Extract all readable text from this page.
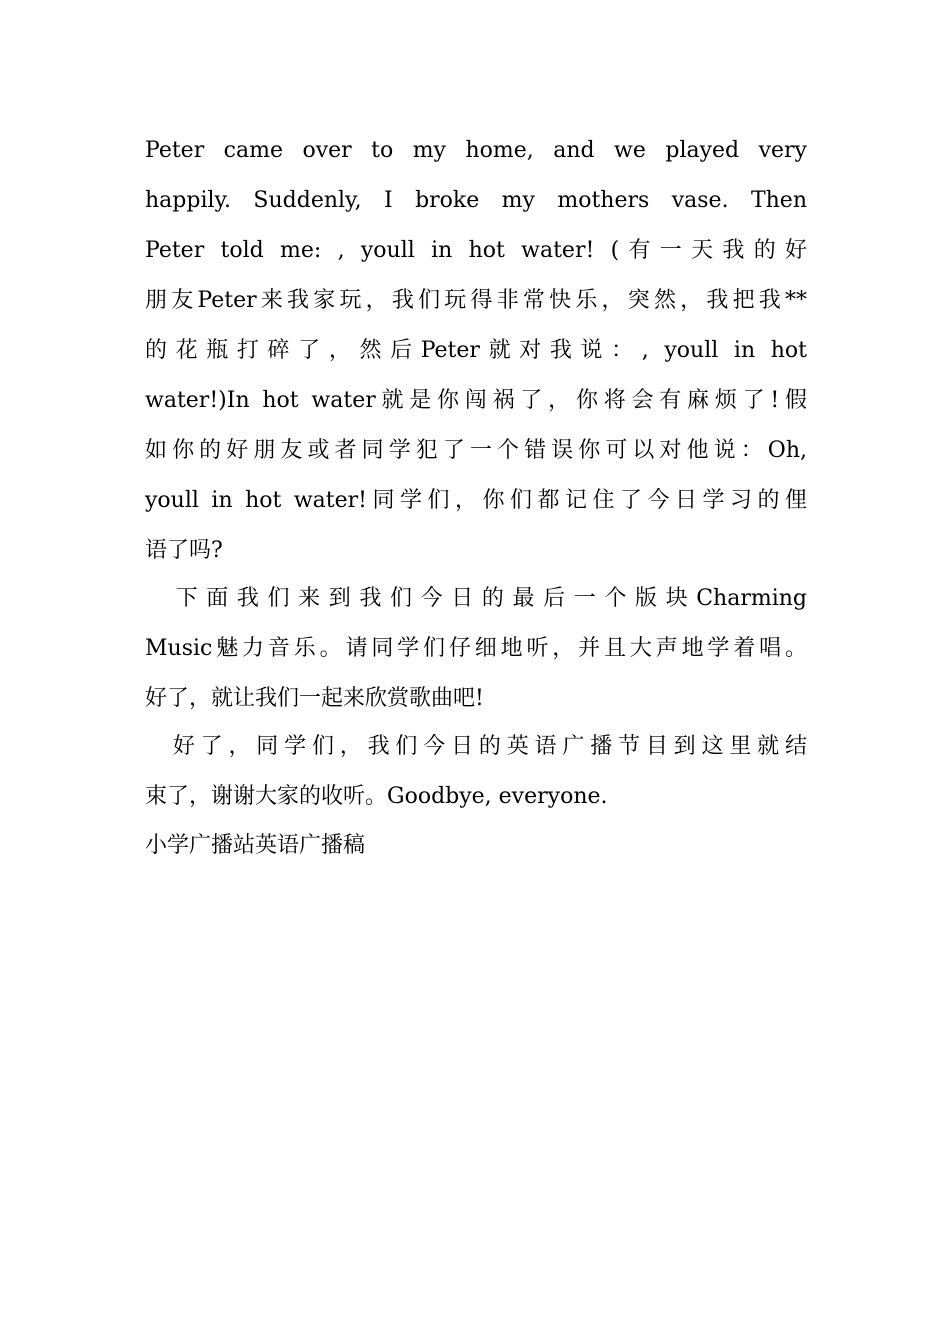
Peter came over to my home, and we played very
happily. Suddenly, I broke my mothers vase. Then
Peter told me: , youll in hot water! (有一天我的好
朋友Peter来我家玩，我们玩得非常快乐，突然，我把我**
的花瓶打碎了，然后Peter就对我说：, youll in hot
water!)In hot water就是你闯祸了，你将会有麻烦了!假
如你的好朋友或者同学犯了一个错误你可以对他说：Oh,
youll in hot water!同学们，你们都记住了今日学习的俚
语了吗?
　下面我们来到我们今日的最后一个版块Charming
Music魅力音乐。请同学们仔细地听，并且大声地学着唱。
好了，就让我们一起来欣赏歌曲吧!
　好了，同学们，我们今日的英语广播节目到这里就结
束了，谢谢大家的收听。Goodbye, everyone.
小学广播站英语广播稿
